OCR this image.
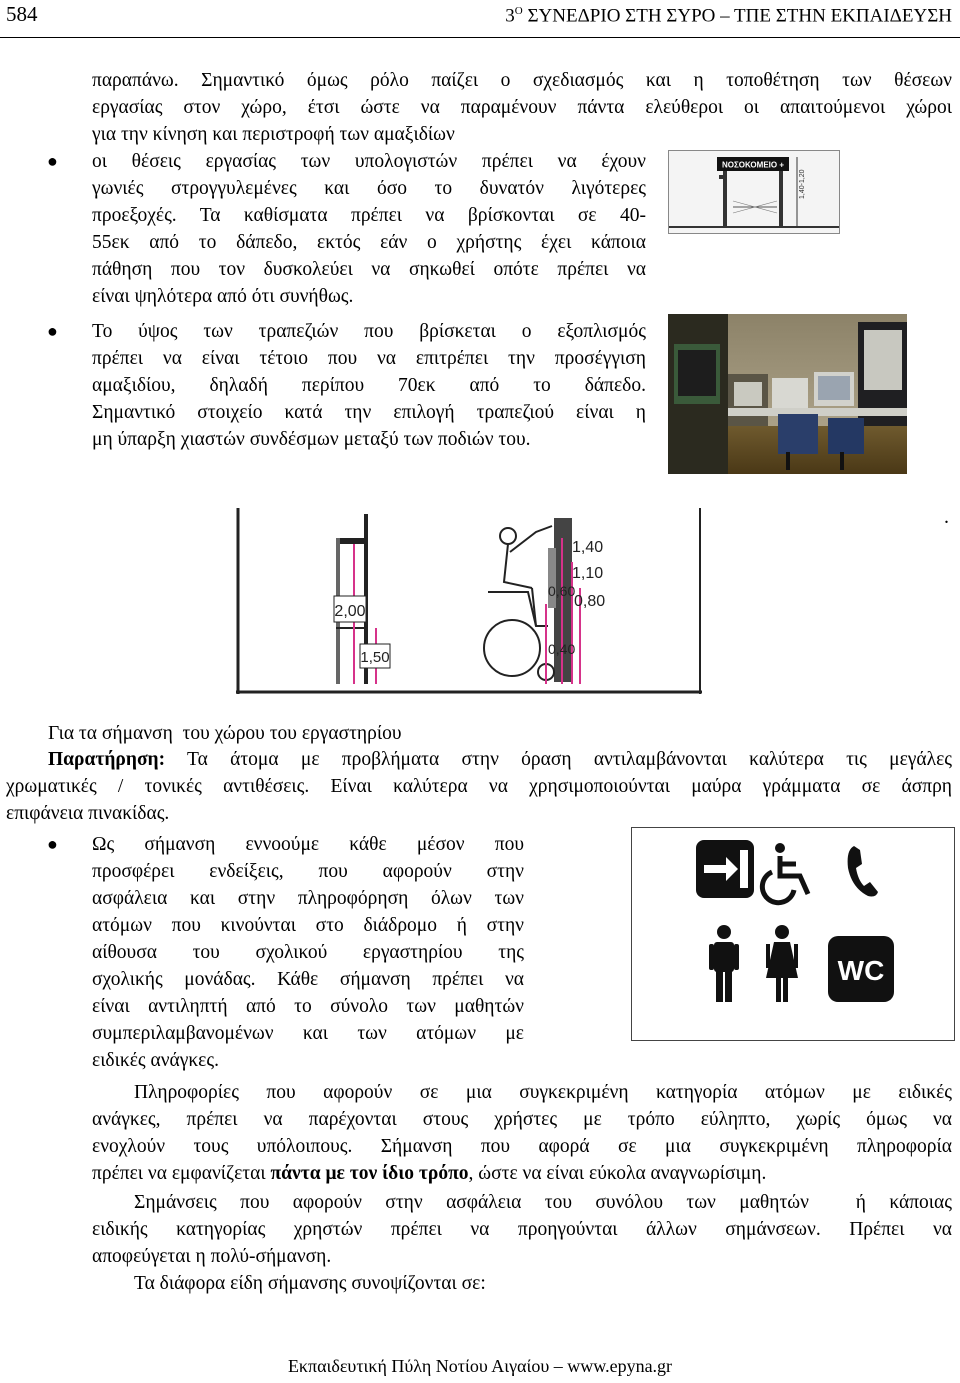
584	$3^O$ ΣΥΝΕΔΡΙΟ ΣΤΗ ΣΥΡΟ – ΤΠΕ ΣΤΗΝ ΕΚΠΑΙΔΕΥΣΗ
παραπάνω. Σημαντικό όμως ρόλο παίζει ο σχεδιασμός και η τοποθέτηση των θέσεων
εργασίας στον χώρο, έτσι ώστε να παραμένουν πάντα ελεύθεροι οι απαιτούμενοι χώροι
για την κίνηση και περιστροφή των αμαξιδίων
● οι θέσεις εργασίας των υπολογιστών πρέπει να έχουν
γωνιές στρογγυλεμένες και όσο το δυνατόν λιγότερες
προεξοχές. Τα καθίσματα πρέπει να βρίσκονται σε 40-
55εκ από το δάπεδο, εκτός εάν ο χρήστης έχει κάποια
πάθηση που τον δυσκολεύει να σηκωθεί οπότε πρέπει να
είναι ψηλότερα από ότι συνήθως.
● Το ύψος των τραπεζιών που βρίσκεται ο εξοπλισμός
πρέπει να είναι τέτοιο που να επιτρέπει την προσέγγιση
αμαξιδίου, δηλαδή περίπου 70εκ από το δάπεδο.
Σημαντικό στοιχείο κατά την επιλογή τραπεζιού είναι η
μη ύπαρξη χιαστών συνδέσμων μεταξύ των ποδιών του.
ΝΟΣΟΚΟΜΕΙΟ +
1,40-1,20
2,00
1,50
1,40
1,10
0,80
0,60
0,40
.
Για τα σήμανση  του χώρου του εργαστηρίου
Παρατήρηση: Τα άτομα με προβλήματα στην όραση αντιλαμβάνονται καλύτερα τις μεγάλες
χρωματικές / τονικές αντιθέσεις. Είναι καλύτερα να χρησιμοποιούνται μαύρα γράμματα σε άσπρη
επιφάνεια πινακίδας.
● Ως σήμανση εννοούμε κάθε μέσον που
προσφέρει ενδείξεις, που αφορούν στην
ασφάλεια και στην πληροφόρηση όλων των
ατόμων που κινούνται στο διάδρομο ή στην
αίθουσα του σχολικού εργαστηρίου της
σχολικής μονάδας. Κάθε σήμανση πρέπει να
είναι αντιληπτή από το σύνολο των μαθητών
συμπεριλαμβανομένων και των ατόμων με
ειδικές ανάγκες.
WC
Πληροφορίες που αφορούν σε μια συγκεκριμένη κατηγορία ατόμων με ειδικές
ανάγκες, πρέπει να παρέχονται στους χρήστες με τρόπο εύληπτο, χωρίς όμως να
ενοχλούν τους υπόλοιπους. Σήμανση που αφορά σε μια συγκεκριμένη πληροφορία
πρέπει να εμφανίζεται πάντα με τον ίδιο τρόπο, ώστε να είναι εύκολα αναγνωρίσιμη.
Σημάνσεις που αφορούν στην ασφάλεια του συνόλου των μαθητών  ή κάποιας
ειδικής κατηγορίας χρηστών πρέπει να προηγούνται άλλων σημάνσεων. Πρέπει να
αποφεύγεται η πολύ-σήμανση.
Τα διάφορα είδη σήμανσης συνοψίζονται σε:
Εκπαιδευτική Πύλη Νοτίου Αιγαίου – www.epyna.gr
